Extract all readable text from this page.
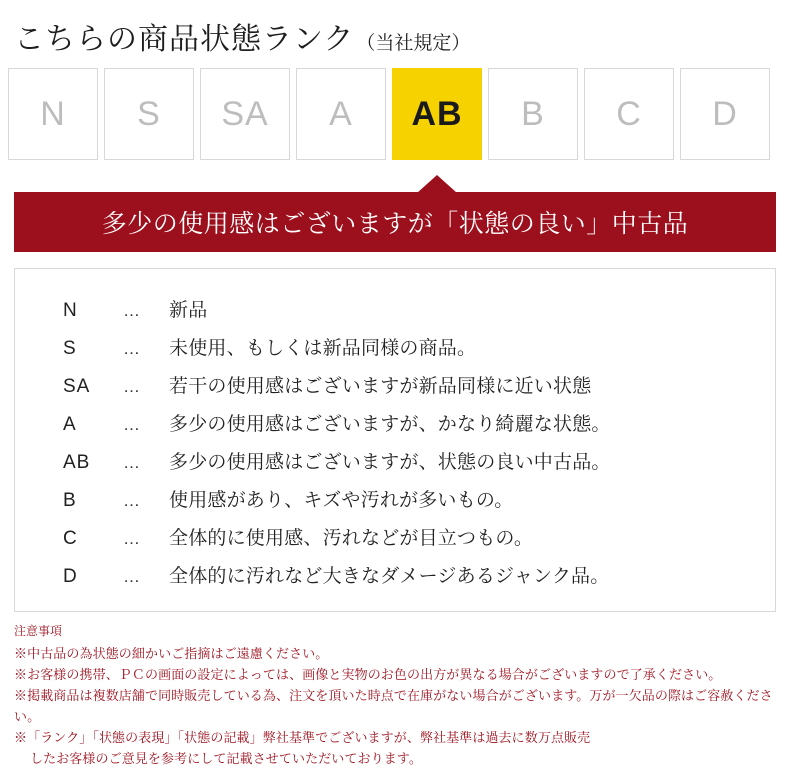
こちらの商品状態ランク （当社規定）
N S SA A AB B C D
多少の使用感はございますが「状態の良い」中古品
N	…	新品
S	…	未使用、もしくは新品同様の商品。
SA	…	若干の使用感はございますが新品同様に近い状態
A	…	多少の使用感はございますが、かなり綺麗な状態。
AB	…	多少の使用感はございますが、状態の良い中古品。
B	…	使用感があり、キズや汚れが多いもの。
C	…	全体的に使用感、汚れなどが目立つもの。
D	…	全体的に汚れなど大きなダメージあるジャンク品。
注意事項
※中古品の為状態の細かいご指摘はご遠慮ください。
※お客様の携帯、ＰＣの画面の設定によっては、画像と実物のお色の出方が異なる場合がございますので了承ください。
※掲載商品は複数店舗で同時販売している為、注文を頂いた時点で在庫がない場合がございます。万が一欠品の際はご容赦ください。
※「ランク」「状態の表現」「状態の記載」弊社基準でございますが、弊社基準は過去に数万点販売
したお客様のご意見を参考にして記載させていただいております。
